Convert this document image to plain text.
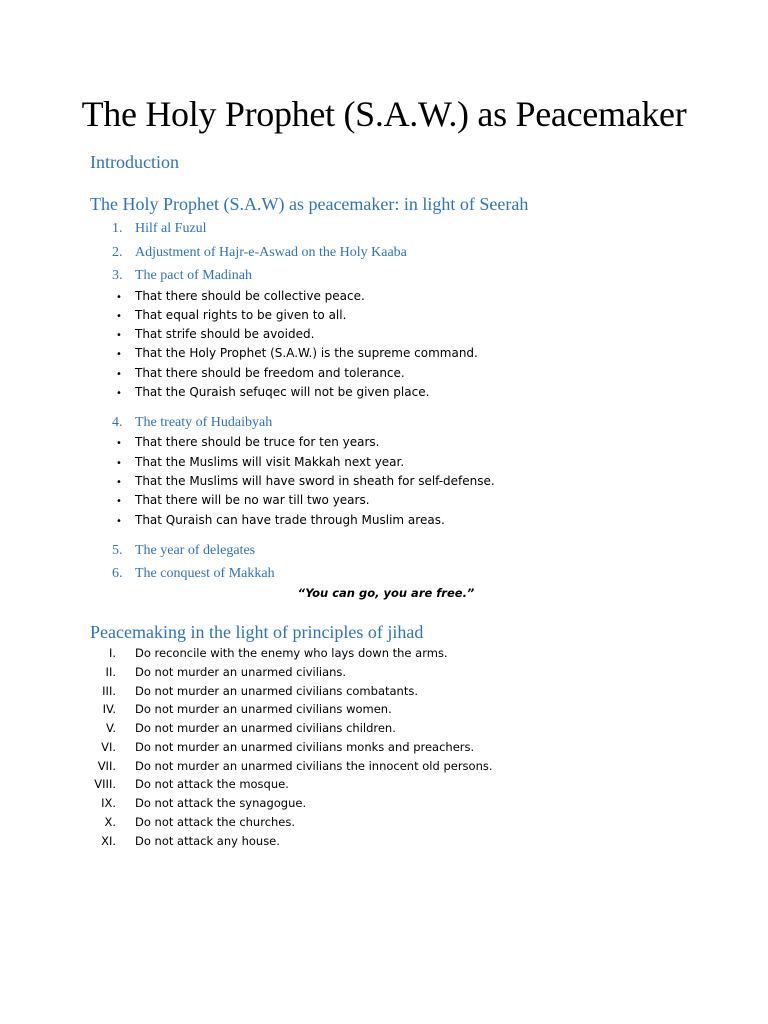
The Holy Prophet (S.A.W.) as Peacemaker
Introduction
The Holy Prophet (S.A.W) as peacemaker: in light of Seerah
1. Hilf al Fuzul
2. Adjustment of Hajr-e-Aswad on the Holy Kaaba
3. The pact of Madinah
• That there should be collective peace.
• That equal rights to be given to all.
• That strife should be avoided.
• That the Holy Prophet (S.A.W.) is the supreme command.
• That there should be freedom and tolerance.
• That the Quraish sefuqec will not be given place.
4. The treaty of Hudaibyah
• That there should be truce for ten years.
• That the Muslims will visit Makkah next year.
• That the Muslims will have sword in sheath for self-defense.
• That there will be no war till two years.
• That Quraish can have trade through Muslim areas.
5. The year of delegates
6. The conquest of Makkah
“You can go, you are free.”
Peacemaking in the light of principles of jihad
I. Do reconcile with the enemy who lays down the arms.
II. Do not murder an unarmed civilians.
III. Do not murder an unarmed civilians combatants.
IV. Do not murder an unarmed civilians women.
V. Do not murder an unarmed civilians children.
VI. Do not murder an unarmed civilians monks and preachers.
VII. Do not murder an unarmed civilians the innocent old persons.
VIII. Do not attack the mosque.
IX. Do not attack the synagogue.
X. Do not attack the churches.
XI. Do not attack any house.
